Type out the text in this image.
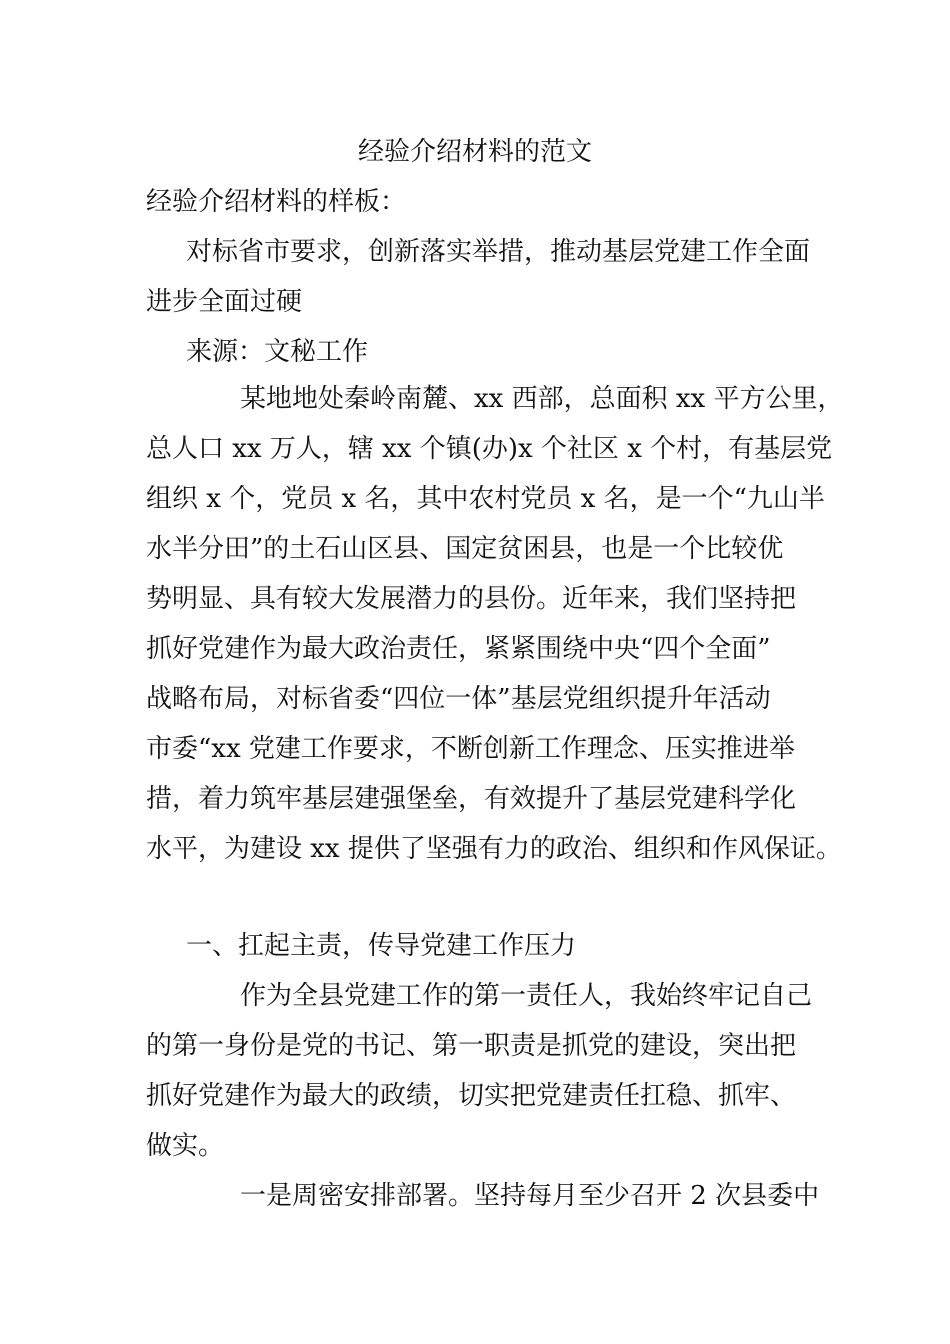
经验介绍材料的范文
经验介绍材料的样板：
对标省市要求，创新落实举措，推动基层党建工作全面
进步全面过硬
来源：文秘工作
某地地处秦岭南麓、xx 西部，总面积 xx 平方公里，
总人口 xx 万人，辖 xx 个镇(办)x 个社区 x 个村，有基层党
组织 x 个，党员 x 名，其中农村党员 x 名，是一个“九山半
水半分田”的土石山区县、国定贫困县，也是一个比较优
势明显、具有较大发展潜力的县份。近年来，我们坚持把
抓好党建作为最大政治责任，紧紧围绕中央“四个全面”
战略布局，对标省委“四位一体”基层党组织提升年活动
市委“xx 党建工作要求，不断创新工作理念、压实推进举
措，着力筑牢基层建强堡垒，有效提升了基层党建科学化
水平，为建设 xx 提供了坚强有力的政治、组织和作风保证。
一、扛起主责，传导党建工作压力
作为全县党建工作的第一责任人，我始终牢记自己
的第一身份是党的书记、第一职责是抓党的建设，突出把
抓好党建作为最大的政绩，切实把党建责任扛稳、抓牢、
做实。
一是周密安排部署。坚持每月至少召开 2 次县委中
